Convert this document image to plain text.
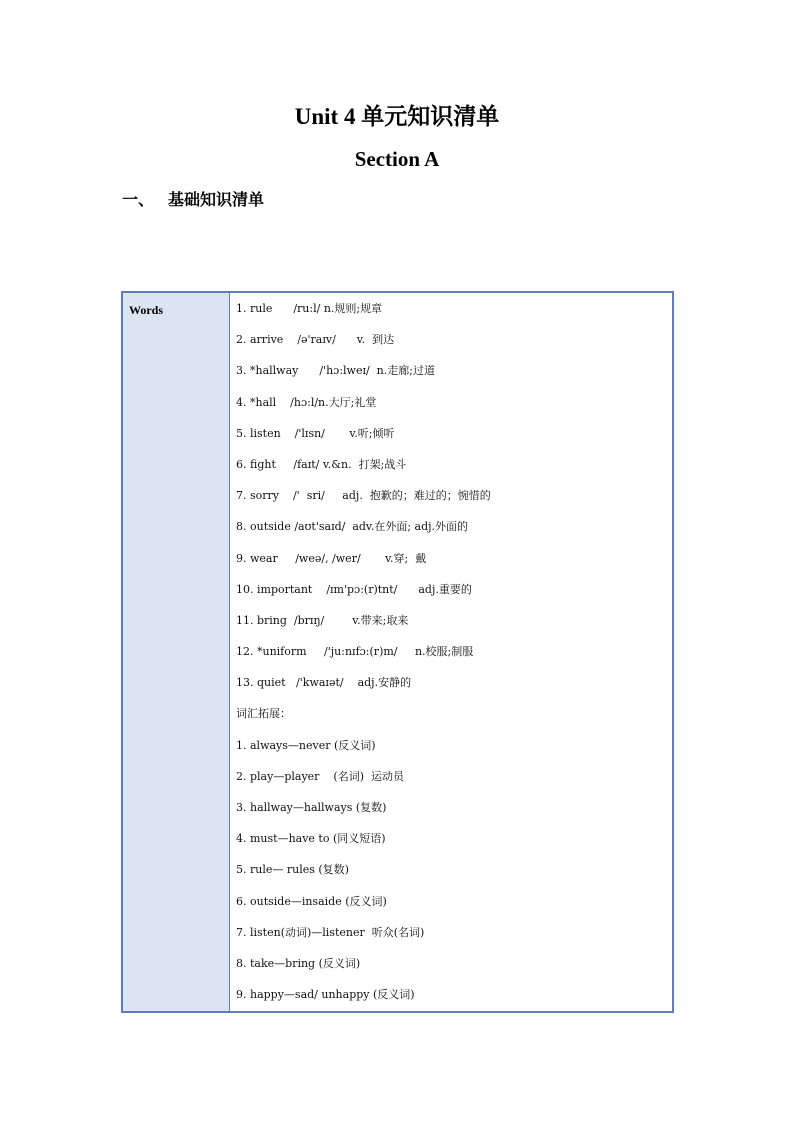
Unit 4 单元知识清单
Section A
一、 基础知识清单
Words	1. rule      /ru:l/ n.规则;规章
2. arrive    /ə'raɪv/      v.  到达
3. *hallway      /'hɔ:lweɪ/  n.走廊;过道
4. *hall    /hɔ:l/n.大厅;礼堂
5. listen    /'lɪsn/       v.听;倾听
6. fight     /faɪt/ v.&n.  打架;战斗
7. sorry    /'  sri/     adj.  抱歉的；难过的；惋惜的
8. outside /aʊt'saɪd/  adv.在外面; adj.外面的
9. wear     /weə/, /wer/       v.穿;  戴
10. important    /ɪm'pɔ:(r)tnt/      adj.重要的
11. bring  /brɪŋ/        v.带来;取来
12. *uniform     /'ju:nɪfɔ:(r)m/     n.校服;制服
13. quiet   /'kwaɪət/    adj.安静的
词汇拓展：
1. always—never (反义词)
2. play—player    (名词)  运动员
3. hallway—hallways (复数)
4. must—have to (同义短语)
5. rule— rules (复数)
6. outside—insaide (反义词)
7. listen(动词)—listener  听众(名词)
8. take—bring (反义词)
9. happy—sad/ unhappy (反义词)
